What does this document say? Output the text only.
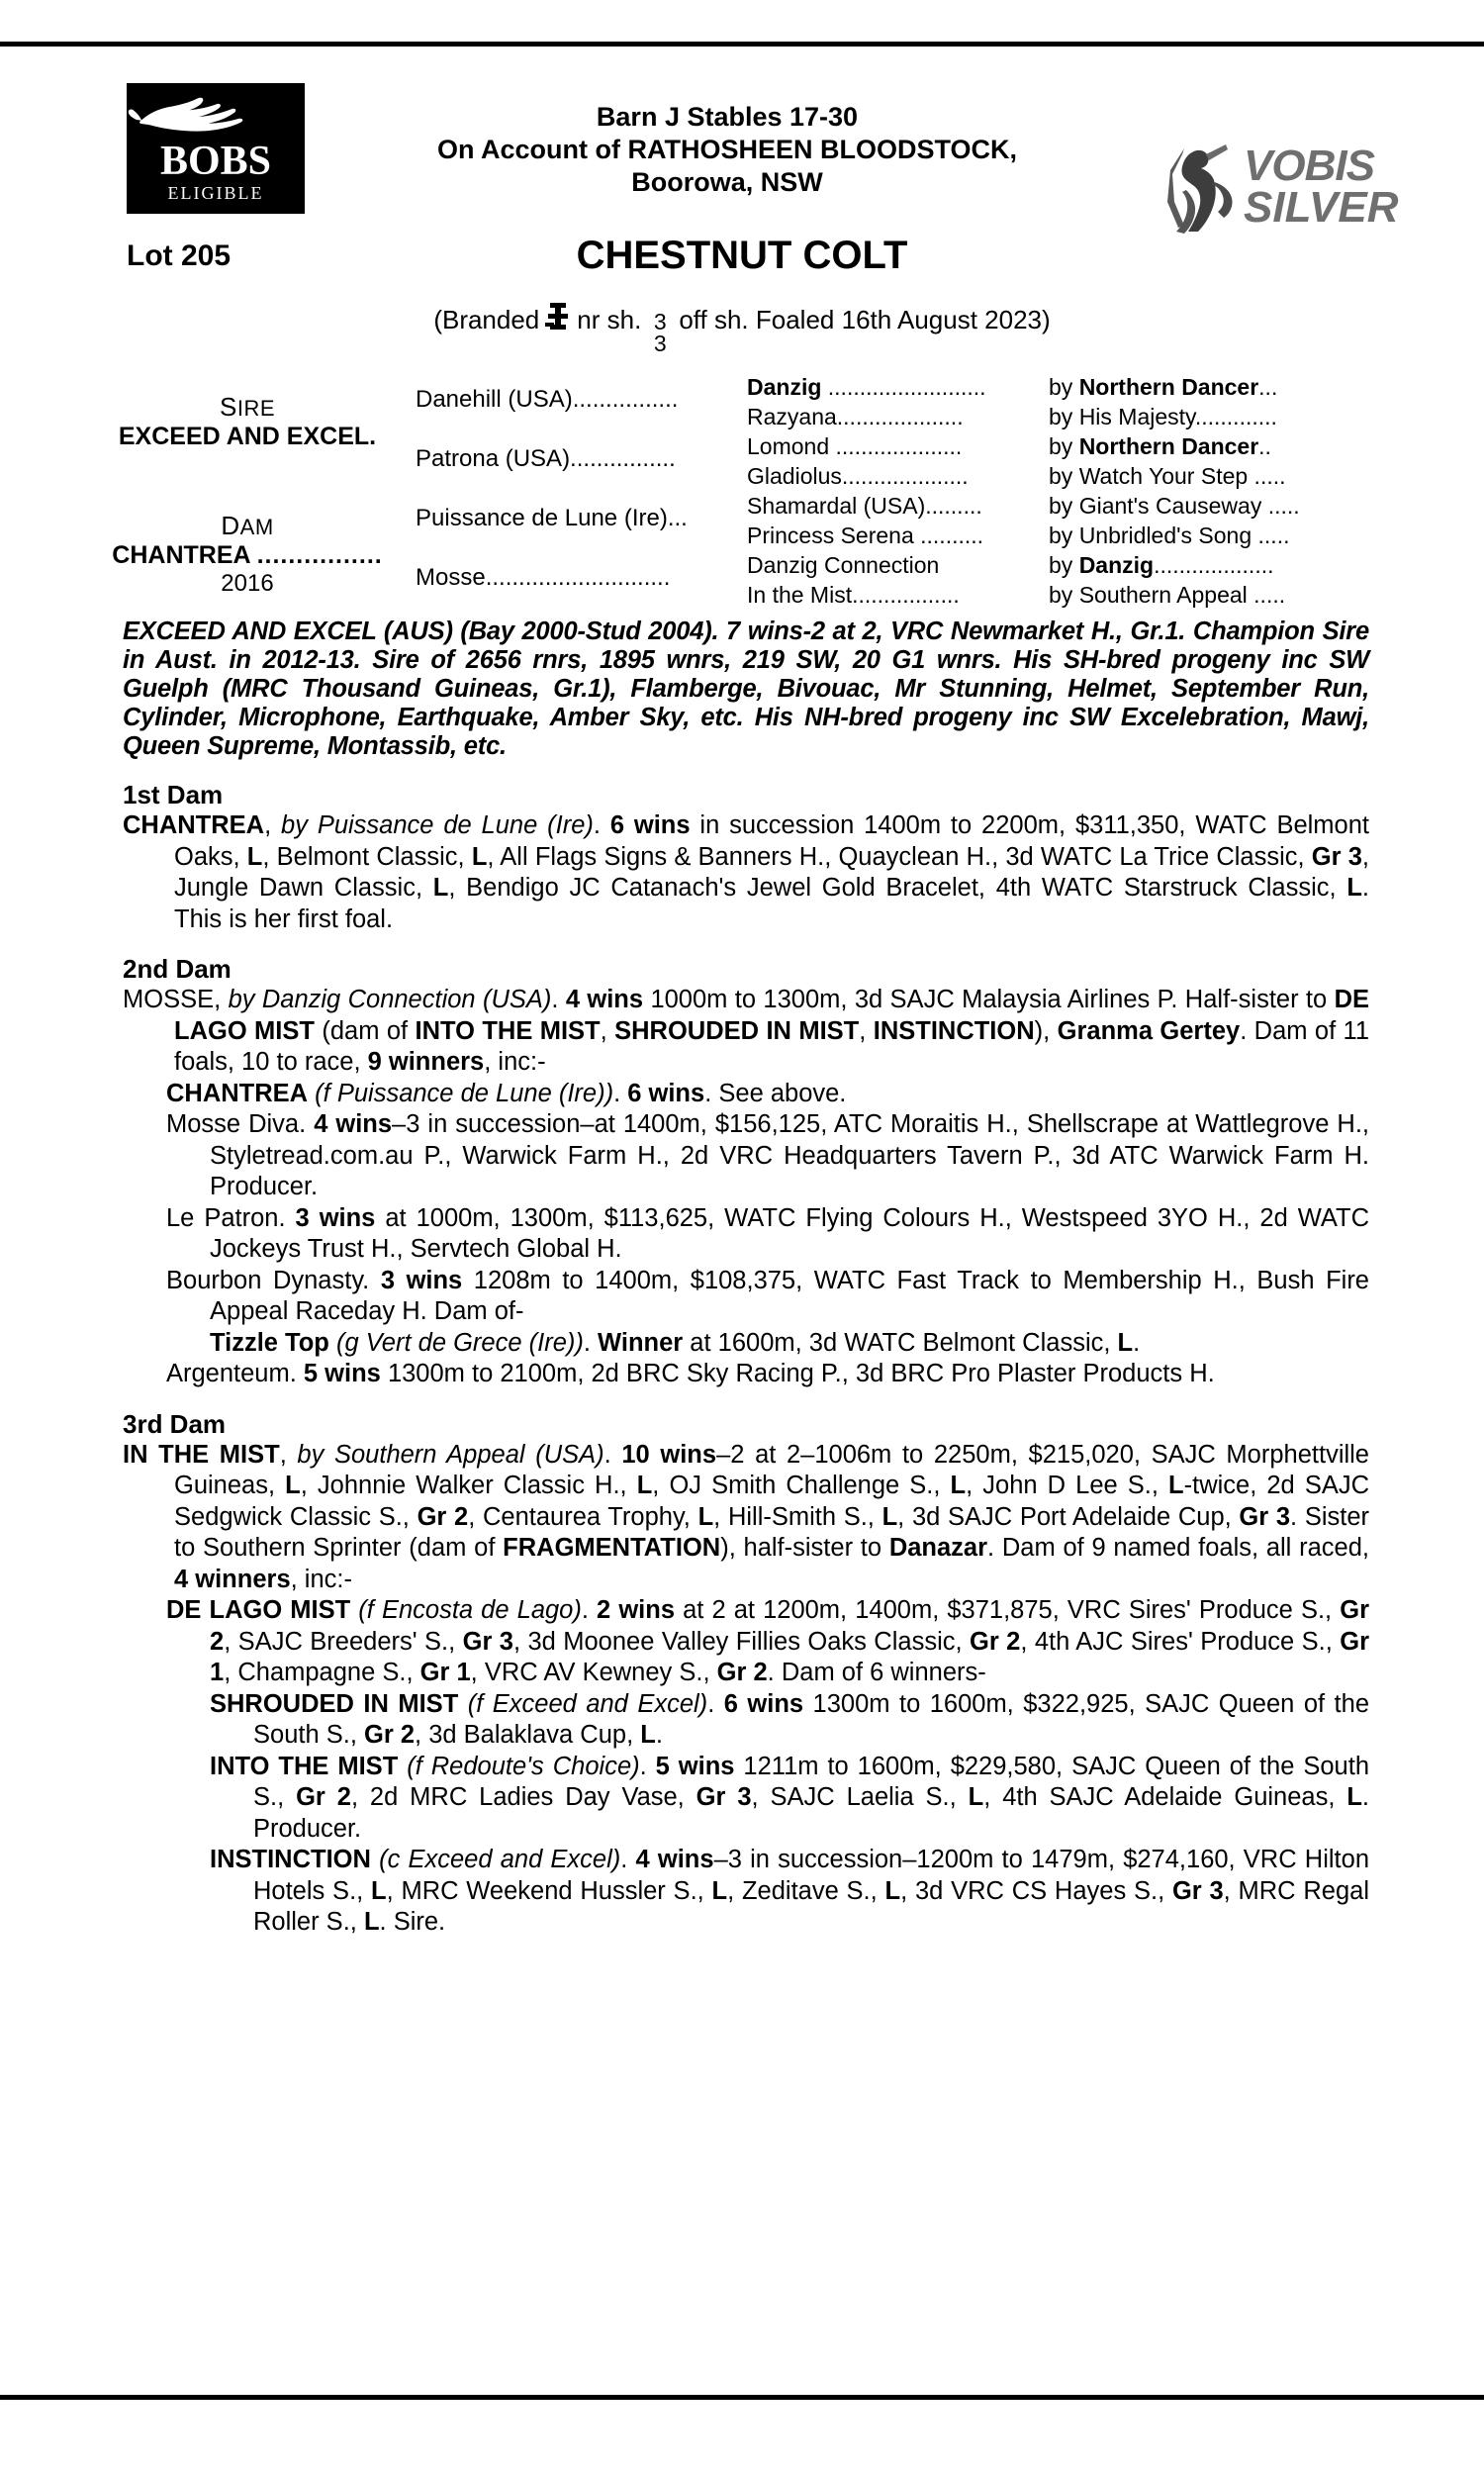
BOBS
ELIGIBLE
Barn J Stables 17-30
On Account of RATHOSHEEN BLOODSTOCK,
Boorowa, NSW	VOBIS
SILVER
Lot 205	CHESTNUT COLT
(Branded nr sh. 3
3
off sh. Foaled 16th August 2023)
SIRE
EXCEED AND EXCEL.
DAM
CHANTREA ................
2016
Danehill (USA)................
Patrona (USA)................
Puissance de Lune (Ire)...
Mosse............................
Danzig .........................
Razyana....................
Lomond ....................
Gladiolus....................
Shamardal (USA).........
Princess Serena ..........
Danzig Connection
In the Mist.................
by Northern Dancer...
by His Majesty.............
by Northern Dancer..
by Watch Your Step .....
by Giant's Causeway .....
by Unbridled's Song .....
by Danzig...................
by Southern Appeal .....
EXCEED AND EXCEL (AUS) (Bay 2000-Stud 2004). 7 wins-2 at 2, VRC Newmarket H., Gr.1. Champion Sire in Aust. in 2012-13. Sire of 2656 rnrs, 1895 wnrs, 219 SW, 20 G1 wnrs. His SH-bred progeny inc SW Guelph (MRC Thousand Guineas, Gr.1), Flamberge, Bivouac, Mr Stunning, Helmet, September Run, Cylinder, Microphone, Earthquake, Amber Sky, etc. His NH-bred progeny inc SW Excelebration, Mawj, Queen Supreme, Montassib, etc.
1st Dam
CHANTREA, by Puissance de Lune (Ire). 6 wins in succession 1400m to 2200m, $311,350, WATC Belmont Oaks, L, Belmont Classic, L, All Flags Signs & Banners H., Quayclean H., 3d WATC La Trice Classic, Gr 3, Jungle Dawn Classic, L, Bendigo JC Catanach's Jewel Gold Bracelet, 4th WATC Starstruck Classic, L. This is her first foal.
2nd Dam
MOSSE, by Danzig Connection (USA). 4 wins 1000m to 1300m, 3d SAJC Malaysia Airlines P. Half-sister to DE LAGO MIST (dam of INTO THE MIST, SHROUDED IN MIST, INSTINCTION), Granma Gertey. Dam of 11 foals, 10 to race, 9 winners, inc:-
CHANTREA (f Puissance de Lune (Ire)). 6 wins. See above.
Mosse Diva. 4 wins–3 in succession–at 1400m, $156,125, ATC Moraitis H., Shellscrape at Wattlegrove H., Styletread.com.au P., Warwick Farm H., 2d VRC Headquarters Tavern P., 3d ATC Warwick Farm H. Producer.
Le Patron. 3 wins at 1000m, 1300m, $113,625, WATC Flying Colours H., Westspeed 3YO H., 2d WATC Jockeys Trust H., Servtech Global H.
Bourbon Dynasty. 3 wins 1208m to 1400m, $108,375, WATC Fast Track to Membership H., Bush Fire Appeal Raceday H. Dam of-
Tizzle Top (g Vert de Grece (Ire)). Winner at 1600m, 3d WATC Belmont Classic, L.
Argenteum. 5 wins 1300m to 2100m, 2d BRC Sky Racing P., 3d BRC Pro Plaster Products H.
3rd Dam
IN THE MIST, by Southern Appeal (USA). 10 wins–2 at 2–1006m to 2250m, $215,020, SAJC Morphettville Guineas, L, Johnnie Walker Classic H., L, OJ Smith Challenge S., L, John D Lee S., L-twice, 2d SAJC Sedgwick Classic S., Gr 2, Centaurea Trophy, L, Hill-Smith S., L, 3d SAJC Port Adelaide Cup, Gr 3. Sister to Southern Sprinter (dam of FRAGMENTATION), half-sister to Danazar. Dam of 9 named foals, all raced, 4 winners, inc:-
DE LAGO MIST (f Encosta de Lago). 2 wins at 2 at 1200m, 1400m, $371,875, VRC Sires' Produce S., Gr 2, SAJC Breeders' S., Gr 3, 3d Moonee Valley Fillies Oaks Classic, Gr 2, 4th AJC Sires' Produce S., Gr 1, Champagne S., Gr 1, VRC AV Kewney S., Gr 2. Dam of 6 winners-
SHROUDED IN MIST (f Exceed and Excel). 6 wins 1300m to 1600m, $322,925, SAJC Queen of the South S., Gr 2, 3d Balaklava Cup, L.
INTO THE MIST (f Redoute's Choice). 5 wins 1211m to 1600m, $229,580, SAJC Queen of the South S., Gr 2, 2d MRC Ladies Day Vase, Gr 3, SAJC Laelia S., L, 4th SAJC Adelaide Guineas, L. Producer.
INSTINCTION (c Exceed and Excel). 4 wins–3 in succession–1200m to 1479m, $274,160, VRC Hilton Hotels S., L, MRC Weekend Hussler S., L, Zeditave S., L, 3d VRC CS Hayes S., Gr 3, MRC Regal Roller S., L. Sire.
